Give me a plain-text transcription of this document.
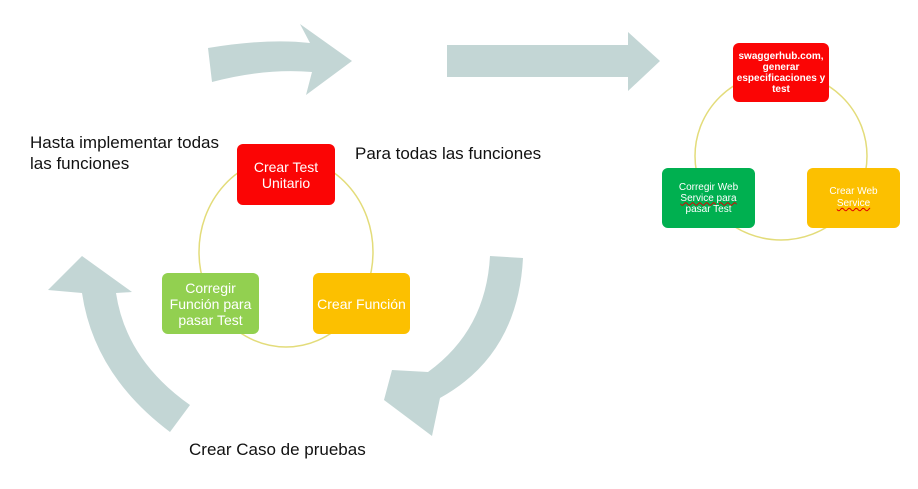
Hasta implementar todas las funciones
Para todas las funciones
Crear Caso de pruebas
Crear Test Unitario
Crear Función
Corregir Función para pasar Test
swaggerhub.com, generar especificaciones y test
Crear Web
Service
Corregir Web
Service para
pasar Test
